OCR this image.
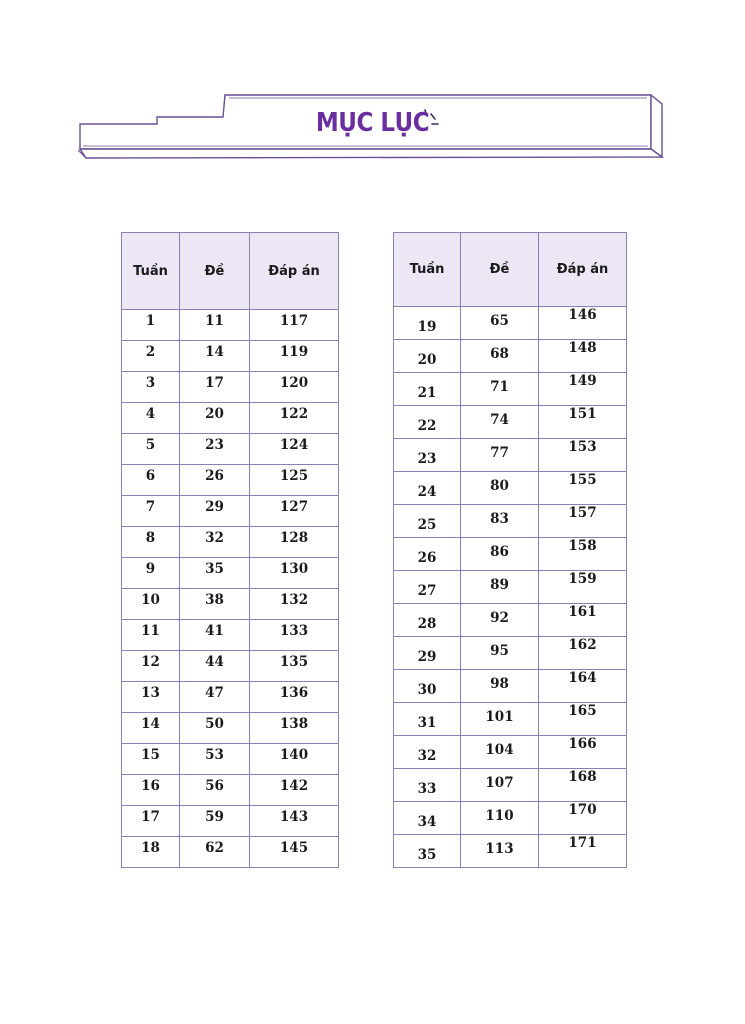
MỤC LỤC
Tuần	Đề	Đáp án
1	11	117
2	14	119
3	17	120
4	20	122
5	23	124
6	26	125
7	29	127
8	32	128
9	35	130
10	38	132
11	41	133
12	44	135
13	47	136
14	50	138
15	53	140
16	56	142
17	59	143
18	62	145
Tuần	Đề	Đáp án
19	65	146
20	68	148
21	71	149
22	74	151
23	77	153
24	80	155
25	83	157
26	86	158
27	89	159
28	92	161
29	95	162
30	98	164
31	101	165
32	104	166
33	107	168
34	110	170
35	113	171
